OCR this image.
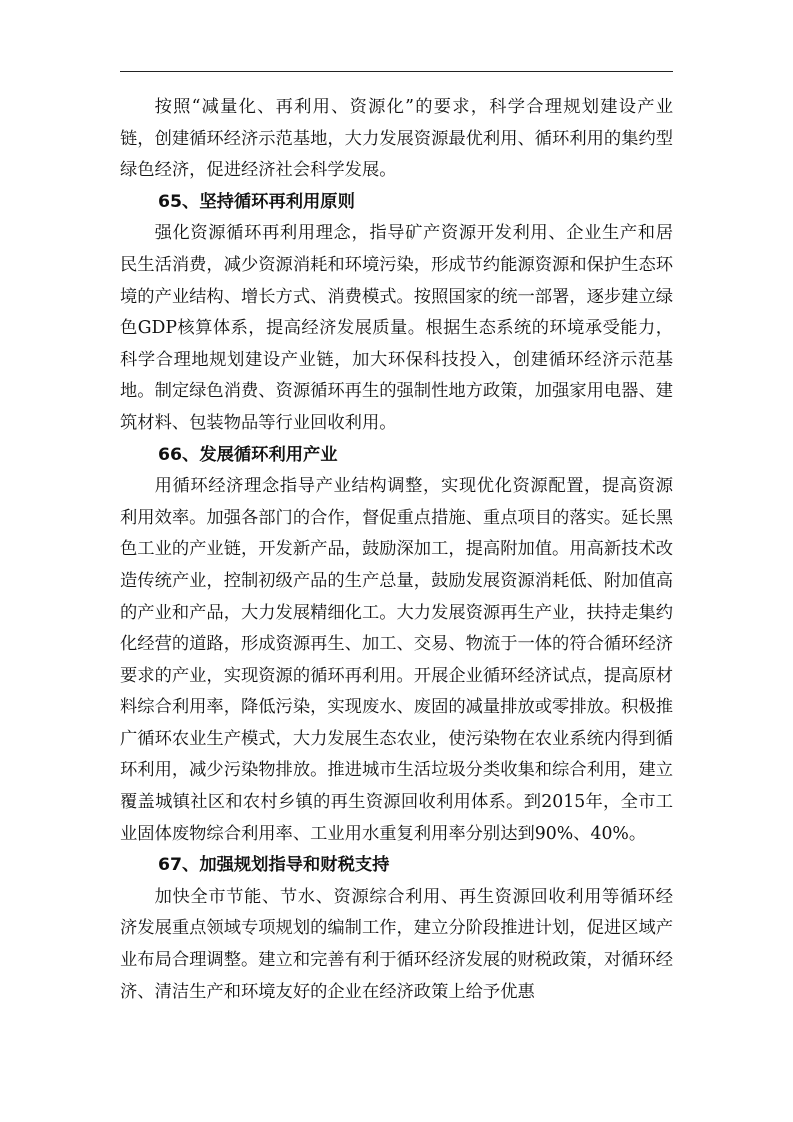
按照“减量化、再利用、资源化”的要求，科学合理规划建设产业链，创建循环经济示范基地，大力发展资源最优利用、循环利用的集约型绿色经济，促进经济社会科学发展。

65、坚持循环再利用原则

强化资源循环再利用理念，指导矿产资源开发利用、企业生产和居民生活消费，减少资源消耗和环境污染，形成节约能源资源和保护生态环境的产业结构、增长方式、消费模式。按照国家的统一部署，逐步建立绿色GDP核算体系，提高经济发展质量。根据生态系统的环境承受能力，科学合理地规划建设产业链，加大环保科技投入，创建循环经济示范基地。制定绿色消费、资源循环再生的强制性地方政策，加强家用电器、建筑材料、包装物品等行业回收利用。

66、发展循环利用产业

用循环经济理念指导产业结构调整，实现优化资源配置，提高资源利用效率。加强各部门的合作，督促重点措施、重点项目的落实。延长黑色工业的产业链，开发新产品，鼓励深加工，提高附加值。用高新技术改造传统产业，控制初级产品的生产总量，鼓励发展资源消耗低、附加值高的产业和产品，大力发展精细化工。大力发展资源再生产业，扶持走集约化经营的道路，形成资源再生、加工、交易、物流于一体的符合循环经济要求的产业，实现资源的循环再利用。开展企业循环经济试点，提高原材料综合利用率，降低污染，实现废水、废固的减量排放或零排放。积极推广循环农业生产模式，大力发展生态农业，使污染物在农业系统内得到循环利用，减少污染物排放。推进城市生活垃圾分类收集和综合利用，建立覆盖城镇社区和农村乡镇的再生资源回收利用体系。到2015年，全市工业固体废物综合利用率、工业用水重复利用率分别达到90%、40%。

67、加强规划指导和财税支持

加快全市节能、节水、资源综合利用、再生资源回收利用等循环经济发展重点领域专项规划的编制工作，建立分阶段推进计划，促进区域产业布局合理调整。建立和完善有利于循环经济发展的财税政策，对循环经济、清洁生产和环境友好的企业在经济政策上给予优惠
